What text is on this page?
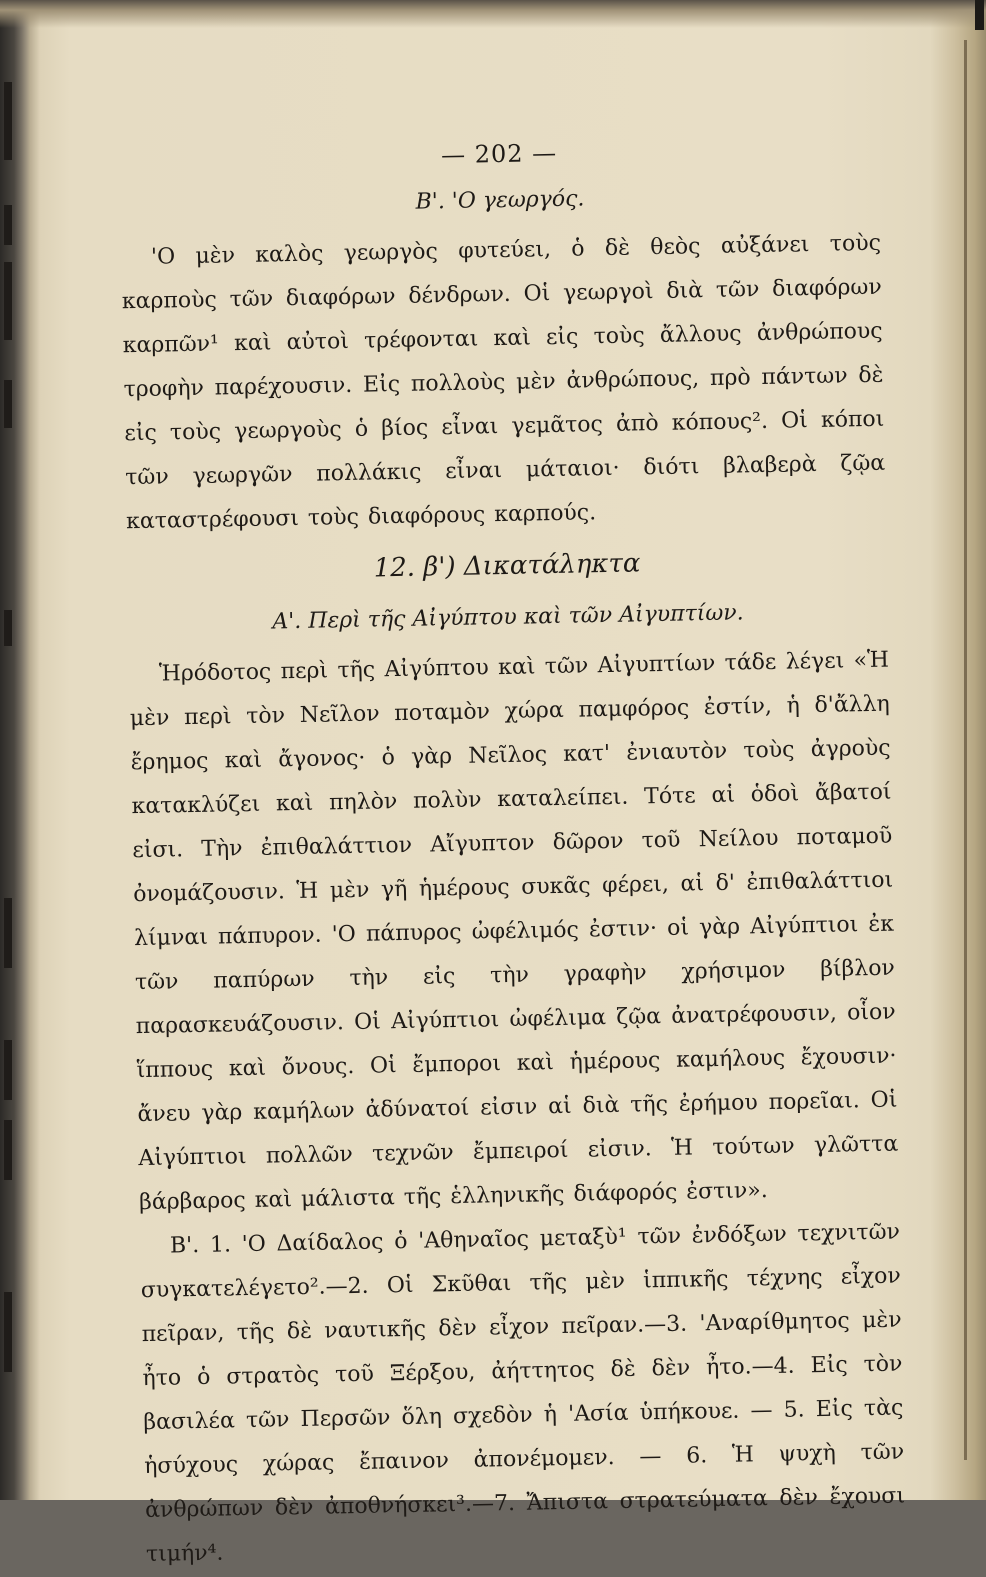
— 202 —
B'. 'Ο γεωργός.

'Ο μὲν καλὸς γεωργὸς φυτεύει, ὁ δὲ θεὸς αὐξάνει τοὺς καρποὺς τῶν διαφόρων δένδρων. Οἱ γεωργοὶ διὰ τῶν διαφόρων καρπῶν¹ καὶ αὐτοὶ τρέφονται καὶ εἰς τοὺς ἄλλους ἀνθρώπους τροφὴν παρέχουσιν. Εἰς πολλοὺς μὲν ἀνθρώπους, πρὸ πάντων δὲ εἰς τοὺς γεωργοὺς ὁ βίος εἶναι γεμᾶτος ἀπὸ κόπους². Οἱ κόποι τῶν γεωργῶν πολλάκις εἶναι μάταιοι· διότι βλαβερὰ ζῷα καταστρέφουσι τοὺς διαφόρους καρπούς.

12. β') Δικατάληκτα
A'. Περὶ τῆς Αἰγύπτου καὶ τῶν Αἰγυπτίων.

Ἡρόδοτος περὶ τῆς Αἰγύπτου καὶ τῶν Αἰγυπτίων τάδε λέγει «Ἡ μὲν περὶ τὸν Νεῖλον ποταμὸν χώρα παμφόρος ἐστίν, ἡ δ'ἄλλη ἔρημος καὶ ἄγονος· ὁ γὰρ Νεῖλος κατ' ἐνιαυτὸν τοὺς ἀγροὺς κατακλύζει καὶ πηλὸν πολὺν καταλείπει. Τότε αἱ ὁδοὶ ἄβατοί εἰσι. Τὴν ἐπιθαλάττιον Αἴγυπτον δῶρον τοῦ Νείλου ποταμοῦ ὀνομάζουσιν. Ἡ μὲν γῆ ἡμέρους συκᾶς φέρει, αἱ δ' ἐπιθαλάττιοι λίμναι πάπυρον. 'Ο πάπυρος ὠφέλιμός ἐστιν· οἱ γὰρ Αἰγύπτιοι ἐκ τῶν παπύρων τὴν εἰς τὴν γραφὴν χρήσιμον βίβλον παρασκευάζουσιν. Οἱ Αἰγύπτιοι ὠφέλιμα ζῷα ἀνατρέφουσιν, οἷον ἵππους καὶ ὄνους. Οἱ ἔμποροι καὶ ἡμέρους καμήλους ἔχουσιν· ἄνευ γὰρ καμήλων ἀδύνατοί εἰσιν αἱ διὰ τῆς ἐρήμου πορεῖαι. Οἱ Αἰγύπτιοι πολλῶν τεχνῶν ἔμπειροί εἰσιν. Ἡ τούτων γλῶττα βάρβαρος καὶ μάλιστα τῆς ἑλληνικῆς διάφορός ἐστιν».

B'. 1. 'Ο Δαίδαλος ὁ 'Αθηναῖος μεταξὺ¹ τῶν ἐνδόξων τεχνιτῶν συγκατελέγετο².—2. Οἱ Σκῦθαι τῆς μὲν ἱππικῆς τέχνης εἶχον πεῖραν, τῆς δὲ ναυτικῆς δὲν εἶχον πεῖραν.—3. 'Αναρίθμητος μὲν ἦτο ὁ στρατὸς τοῦ Ξέρξου, ἀήττητος δὲ δὲν ἦτο.—4. Εἰς τὸν βασιλέα τῶν Περσῶν ὅλη σχεδὸν ἡ 'Ασία ὑπήκουε. — 5. Εἰς τὰς ἡσύχους χώρας ἔπαινον ἀπονέμομεν. — 6. Ἡ ψυχὴ τῶν ἀνθρώπων δὲν ἀποθνήσκει³.—7. Ἄπιστα στρατεύματα δὲν ἔχουσι τιμήν⁴.
